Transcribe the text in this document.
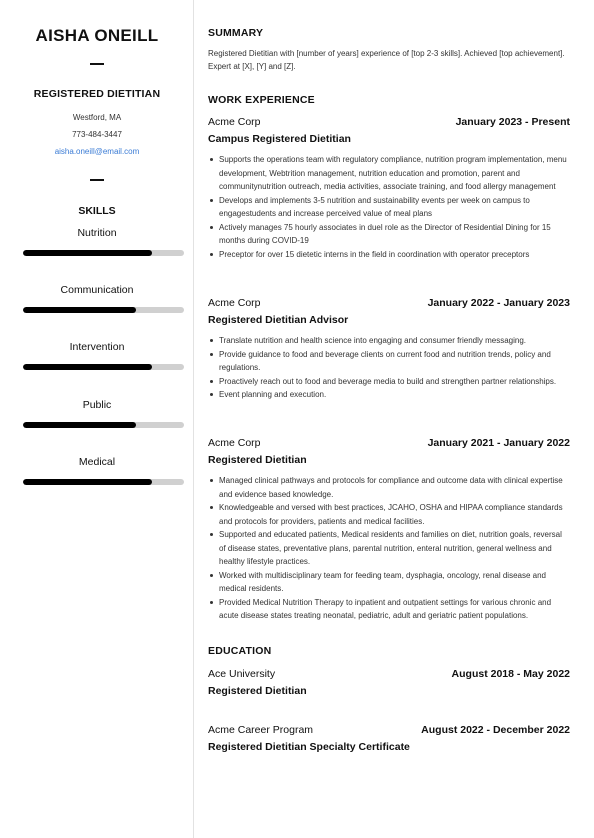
AISHA ONEILL
REGISTERED DIETITIAN
Westford, MA
773-484-3447
aisha.oneill@email.com
SKILLS
Nutrition
Communication
Intervention
Public
Medical
SUMMARY
Registered Dietitian with [number of years] experience of [top 2-3 skills]. Achieved [top achievement]. Expert at [X], [Y] and [Z].
WORK EXPERIENCE
Acme Corp	January 2023 - Present
Campus Registered Dietitian
Supports the operations team with regulatory compliance, nutrition program implementation, menu development, Webtrition management, nutrition education and promotion, parent and communitynutrition outreach, media activities, associate training, and food allergy management
Develops and implements 3-5 nutrition and sustainability events per week on campus to engagestudents and increase perceived value of meal plans
Actively manages 75 hourly associates in duel role as the Director of Residential Dining for 15 months during COVID-19
Preceptor for over 15 dietetic interns in the field in coordination with operator preceptors
Acme Corp	January 2022 - January 2023
Registered Dietitian Advisor
Translate nutrition and health science into engaging and consumer friendly messaging.
Provide guidance to food and beverage clients on current food and nutrition trends, policy and regulations.
Proactively reach out to food and beverage media to build and strengthen partner relationships.
Event planning and execution.
Acme Corp	January 2021 - January 2022
Registered Dietitian
Managed clinical pathways and protocols for compliance and outcome data with clinical expertise and evidence based knowledge.
Knowledgeable and versed with best practices, JCAHO, OSHA and HIPAA compliance standards and protocols for providers, patients and medical facilities.
Supported and educated patients, Medical residents and families on diet, nutrition goals, reversal of disease states, preventative plans, parental nutrition, enteral nutrition, general wellness and healthy lifestyle practices.
Worked with multidisciplinary team for feeding team, dysphagia, oncology, renal disease and medical residents.
Provided Medical Nutrition Therapy to inpatient and outpatient settings for various chronic and acute disease states treating neonatal, pediatric, adult and geriatric patient populations.
EDUCATION
Ace University	August 2018 - May 2022
Registered Dietitian
Acme Career Program	August 2022 - December 2022
Registered Dietitian Specialty Certificate
